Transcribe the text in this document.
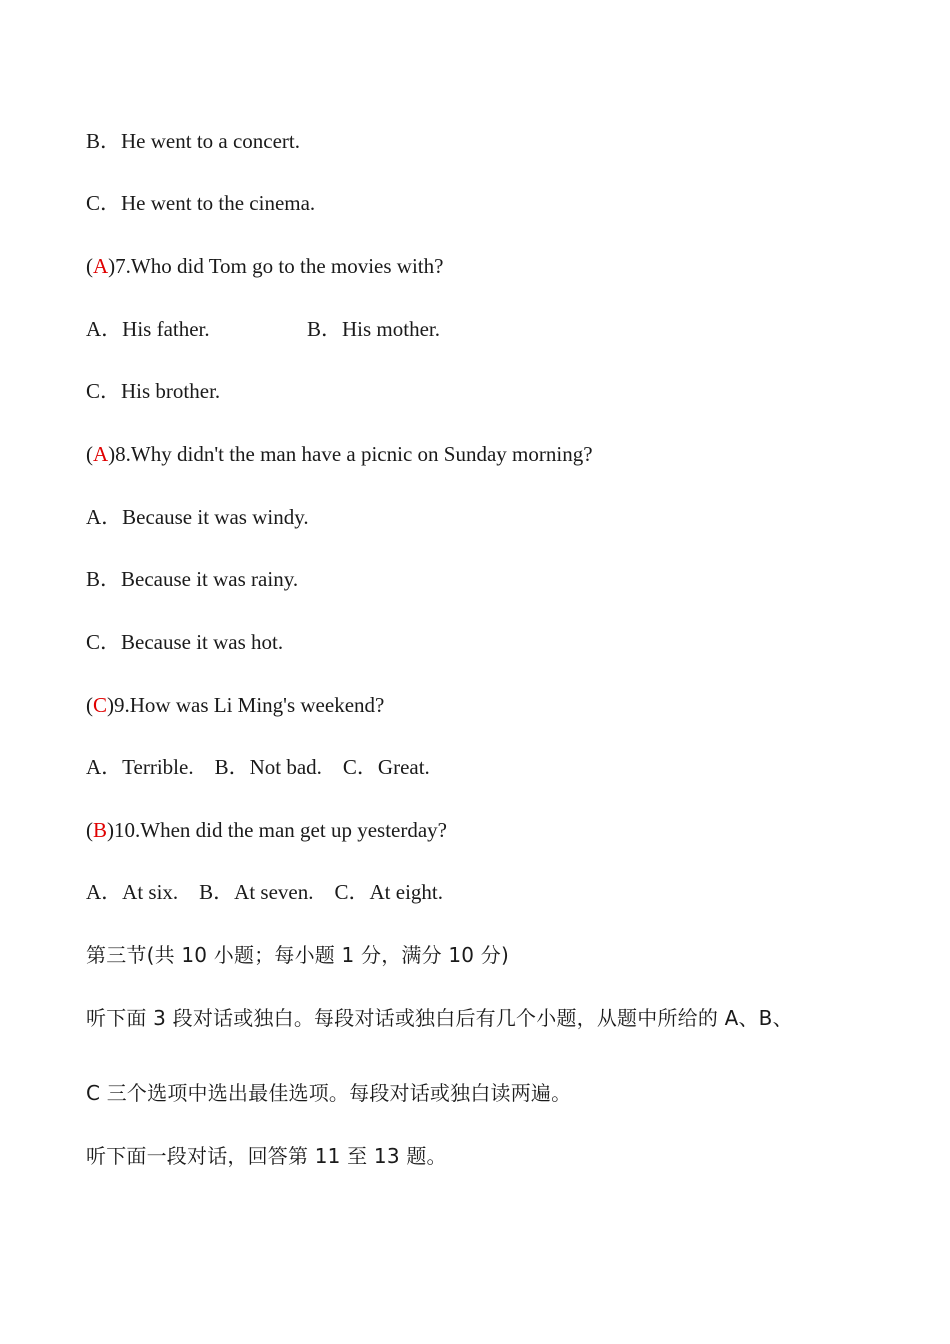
B．He went to a concert.
C．He went to the cinema.
(A)7.Who did Tom go to the movies with?
A．His father.	B．His mother.
C．His brother.
(A)8.Why didn't the man have a picnic on Sunday morning?
A．Because it was windy.
B．Because it was rainy.
C．Because it was hot.
(C)9.How was Li Ming's weekend?
A．Terrible.　B．Not bad.　C．Great.
(B)10.When did the man get up yesterday?
A．At six.　B．At seven.　C．At eight.
第三节(共 10 小题；每小题 1 分，满分 10 分)
听下面 3 段对话或独白。每段对话或独白后有几个小题，从题中所给的 A、B、
C 三个选项中选出最佳选项。每段对话或独白读两遍。
听下面一段对话，回答第 11 至 13 题。
